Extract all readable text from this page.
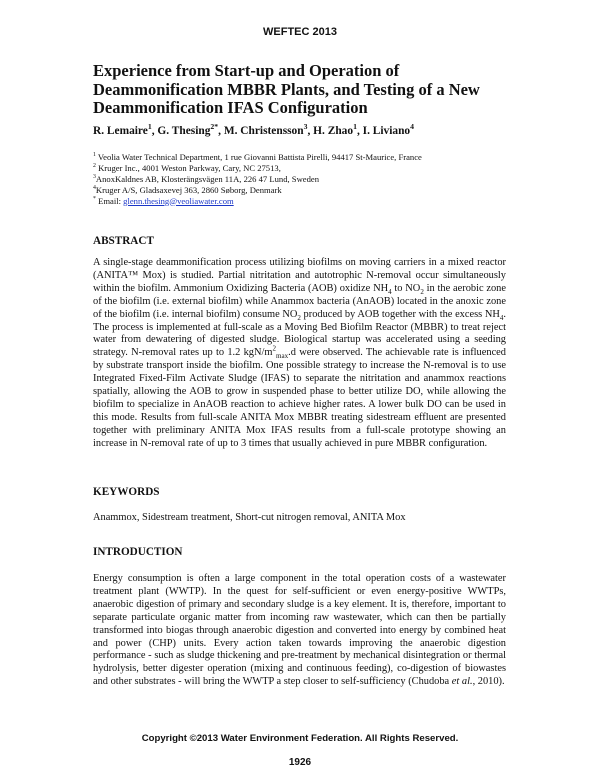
WEFTEC 2013
Experience from Start-up and Operation of Deammonification MBBR Plants, and Testing of a New Deammonification IFAS Configuration
R. Lemaire$^1$, G. Thesing$^{2*}$, M. Christensson$^3$, H. Zhao$^1$, I. Liviano$^4$
$^1$ Veolia Water Technical Department, 1 rue Giovanni Battista Pirelli, 94417 St-Maurice, France
$^2$ Kruger Inc., 4001 Weston Parkway, Cary, NC 27513,
$^3$AnoxKaldnes AB, Klosterängsvägen 11A, 226 47 Lund, Sweden
$^4$Kruger A/S, Gladsaxevej 363, 2860 Søborg, Denmark
* Email: glenn.thesing@veoliawater.com
ABSTRACT
A single-stage deammonification process utilizing biofilms on moving carriers in a mixed reactor (ANITA™ Mox) is studied. Partial nitritation and autotrophic N-removal occur simultaneously within the biofilm. Ammonium Oxidizing Bacteria (AOB) oxidize $NH_4$ to $NO_2$ in the aerobic zone of the biofilm (i.e. external biofilm) while Anammox bacteria (AnAOB) located in the anoxic zone of the biofilm (i.e. internal biofilm) consume $NO_2$ produced by AOB together with the excess $NH_4$. The process is implemented at full-scale as a Moving Bed Biofilm Reactor (MBBR) to treat reject water from dewatering of digested sludge. Biological startup was accelerated using a seeding strategy. N-removal rates up to 1.2 kgN/$m^2_{max}.d$ were observed. The achievable rate is influenced by substrate transport inside the biofilm. One possible strategy to increase the N-removal is to use Integrated Fixed-Film Activate Sludge (IFAS) to separate the nitritation and anammox reactions spatially, allowing the AOB to grow in suspended phase to better utilize DO, while allowing the biofilm to specialize in AnAOB reaction to achieve higher rates. A lower bulk DO can be used in this mode. Results from full-scale ANITA Mox MBBR treating sidestream effluent are presented together with preliminary ANITA Mox IFAS results from a full-scale prototype showing an increase in N-removal rate of up to 3 times that usually achieved in pure MBBR configuration.
KEYWORDS
Anammox, Sidestream treatment, Short-cut nitrogen removal, ANITA Mox
INTRODUCTION
Energy consumption is often a large component in the total operation costs of a wastewater treatment plant (WWTP). In the quest for self-sufficient or even energy-positive WWTPs, anaerobic digestion of primary and secondary sludge is a key element. It is, therefore, important to separate particulate organic matter from incoming raw wastewater, which can then be partially transformed into biogas through anaerobic digestion and converted into energy by combined heat and power (CHP) units. Every action taken towards improving the anaerobic digestion performance - such as sludge thickening and pre-treatment by mechanical disintegration or thermal hydrolysis, better digester operation (mixing and continuous feeding), co-digestion of biowastes and other substrates - will bring the WWTP a step closer to self-sufficiency (Chudoba et al., 2010).
Copyright ©2013 Water Environment Federation. All Rights Reserved.
1926
